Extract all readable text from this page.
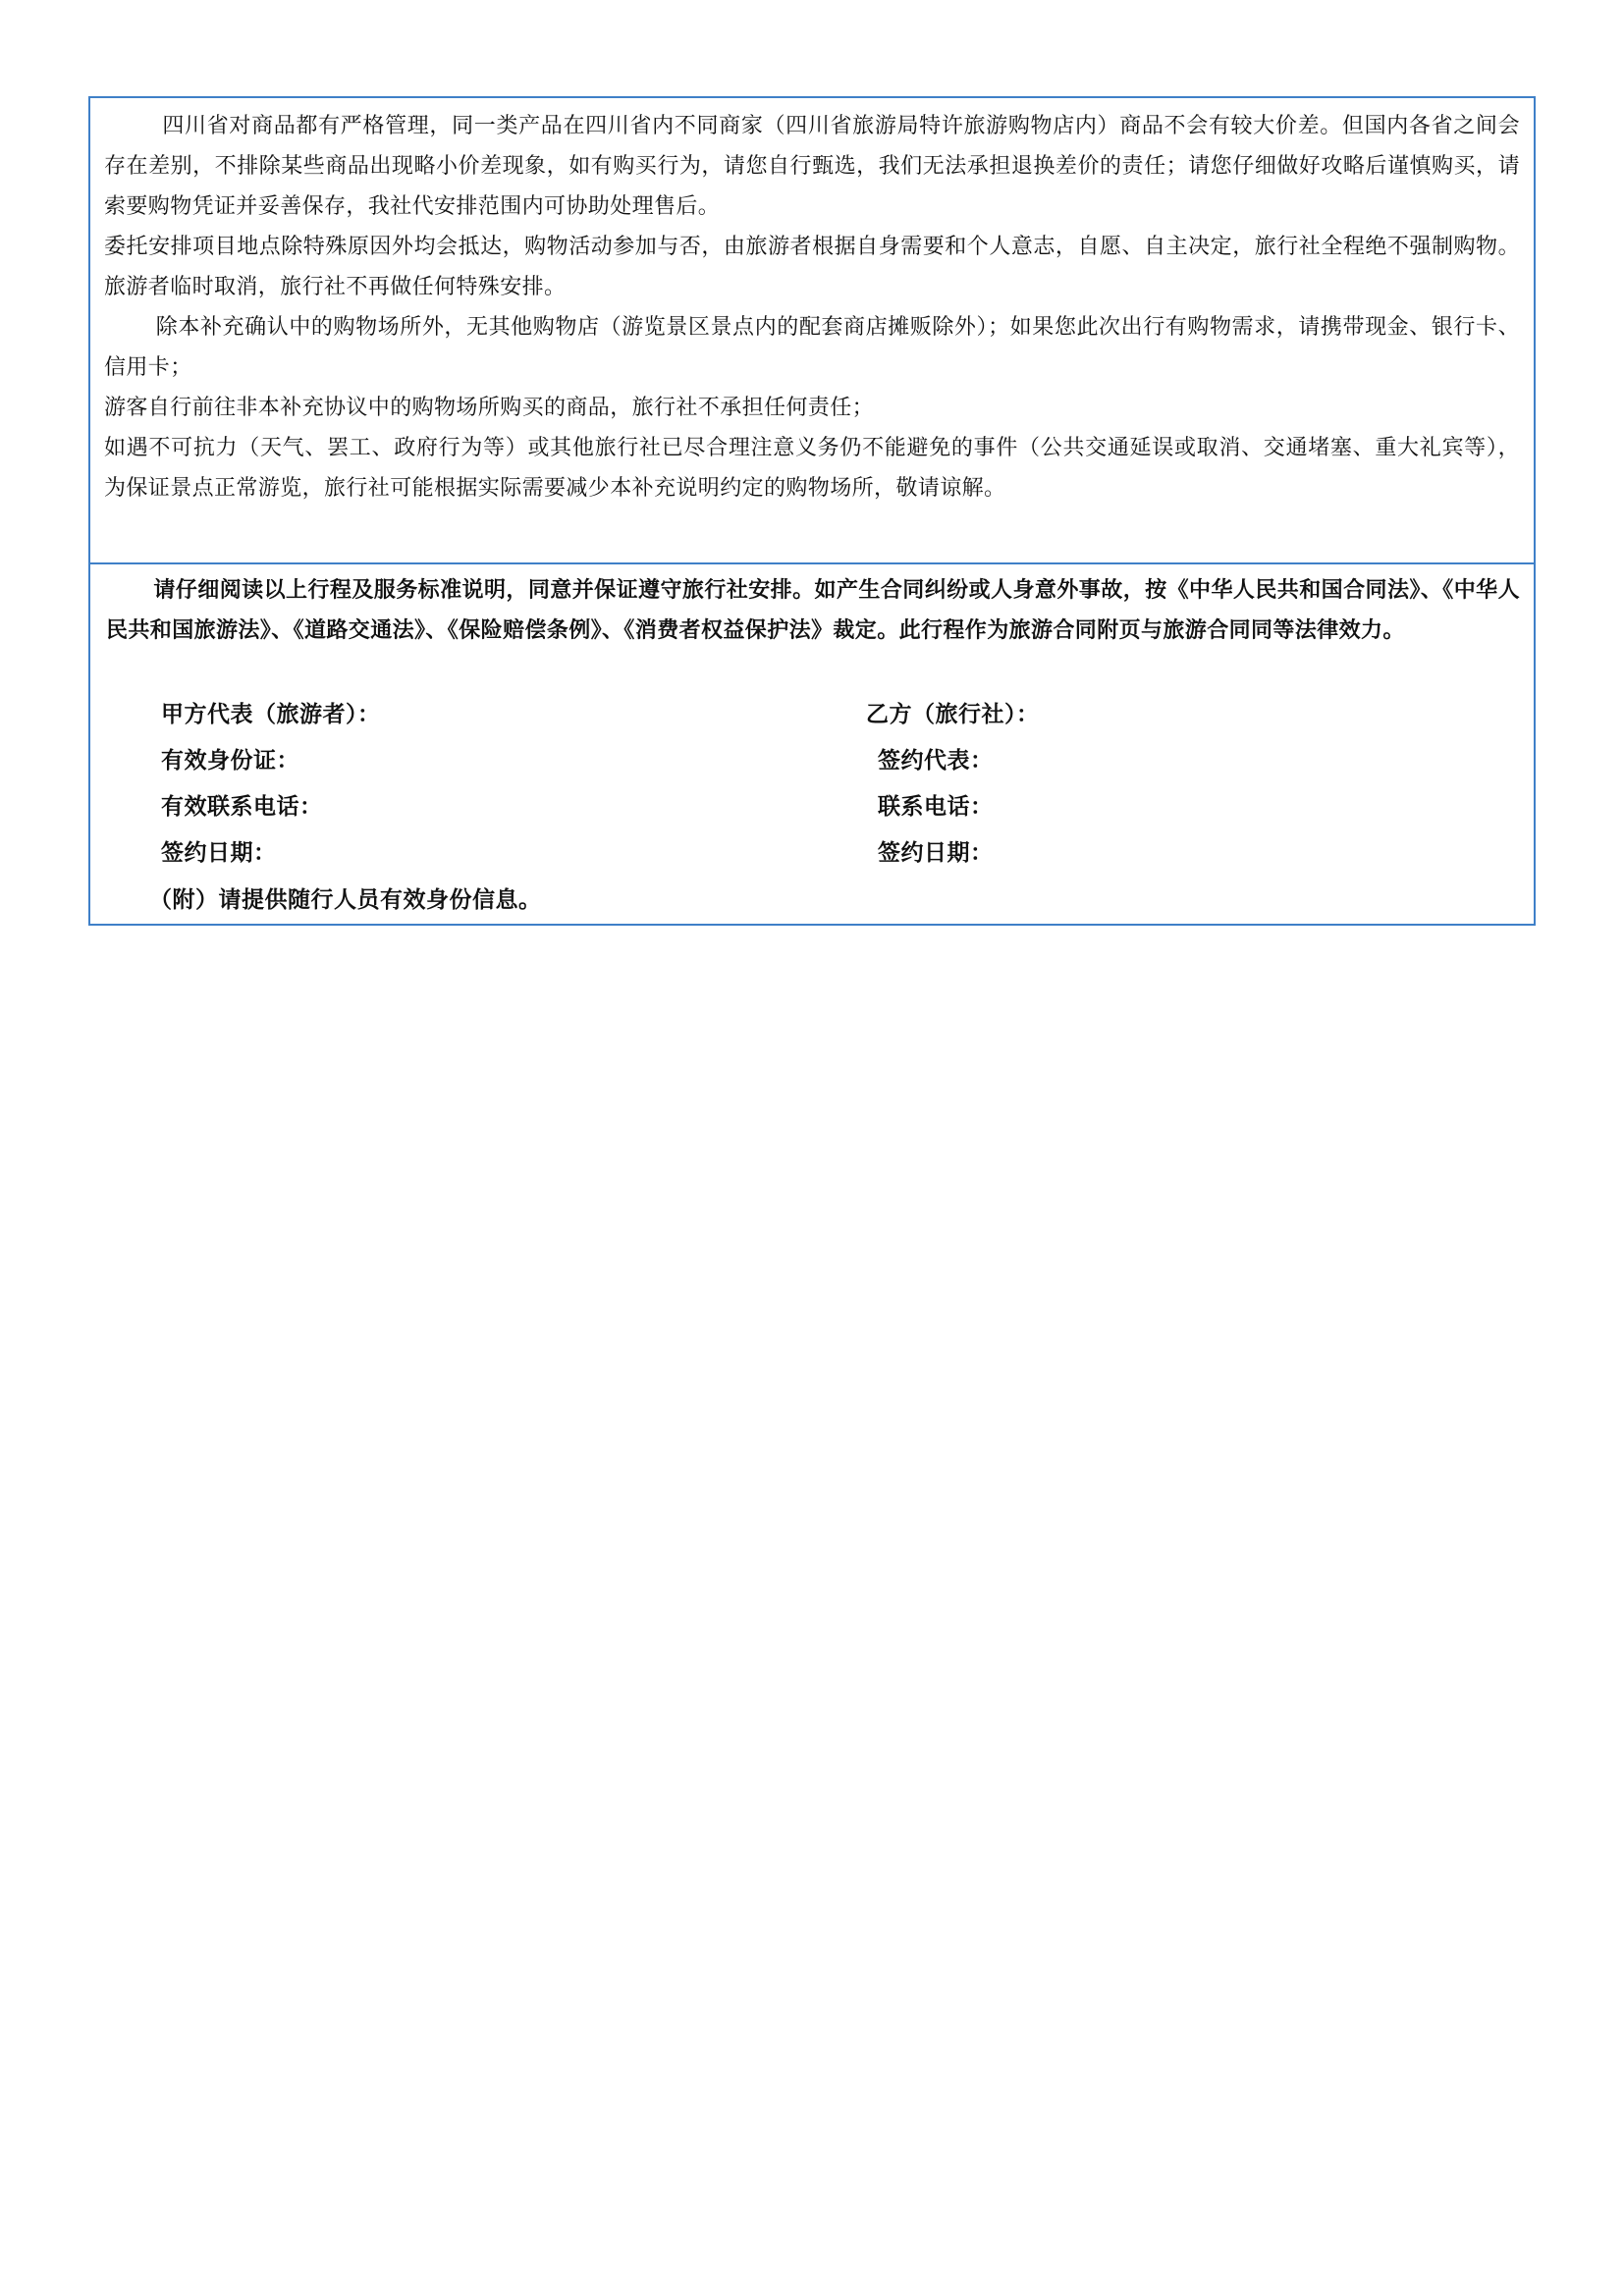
四川省对商品都有严格管理，同一类产品在四川省内不同商家（四川省旅游局特许旅游购物店内）商品不会有较大价差。但国内各省之间会存在差别，不排除某些商品出现略小价差现象，如有购买行为，请您自行甄选，我们无法承担退换差价的责任；请您仔细做好攻略后谨慎购买，请索要购物凭证并妥善保存，我社代安排范围内可协助处理售后。

委托安排项目地点除特殊原因外均会抵达，购物活动参加与否，由旅游者根据自身需要和个人意志，自愿、自主决定，旅行社全程绝不强制购物。旅游者临时取消，旅行社不再做任何特殊安排。

除本补充确认中的购物场所外，无其他购物店（游览景区景点内的配套商店摊贩除外）；如果您此次出行有购物需求，请携带现金、银行卡、信用卡；

游客自行前往非本补充协议中的购物场所购买的商品，旅行社不承担任何责任；

如遇不可抗力（天气、罢工、政府行为等）或其他旅行社已尽合理注意义务仍不能避免的事件（公共交通延误或取消、交通堵塞、重大礼宾等），为保证景点正常游览，旅行社可能根据实际需要减少本补充说明约定的购物场所，敬请谅解。

请仔细阅读以上行程及服务标准说明，同意并保证遵守旅行社安排。如产生合同纠纷或人身意外事故，按《中华人民共和国合同法》、《中华人民共和国旅游法》、《道路交通法》、《保险赔偿条例》、《消费者权益保护法》裁定。此行程作为旅游合同附页与旅游合同同等法律效力。

甲方代表（旅游者）：	乙方（旅行社）：
有效身份证：	签约代表：
有效联系电话：	联系电话：
签约日期：	签约日期：
（附）请提供随行人员有效身份信息。
